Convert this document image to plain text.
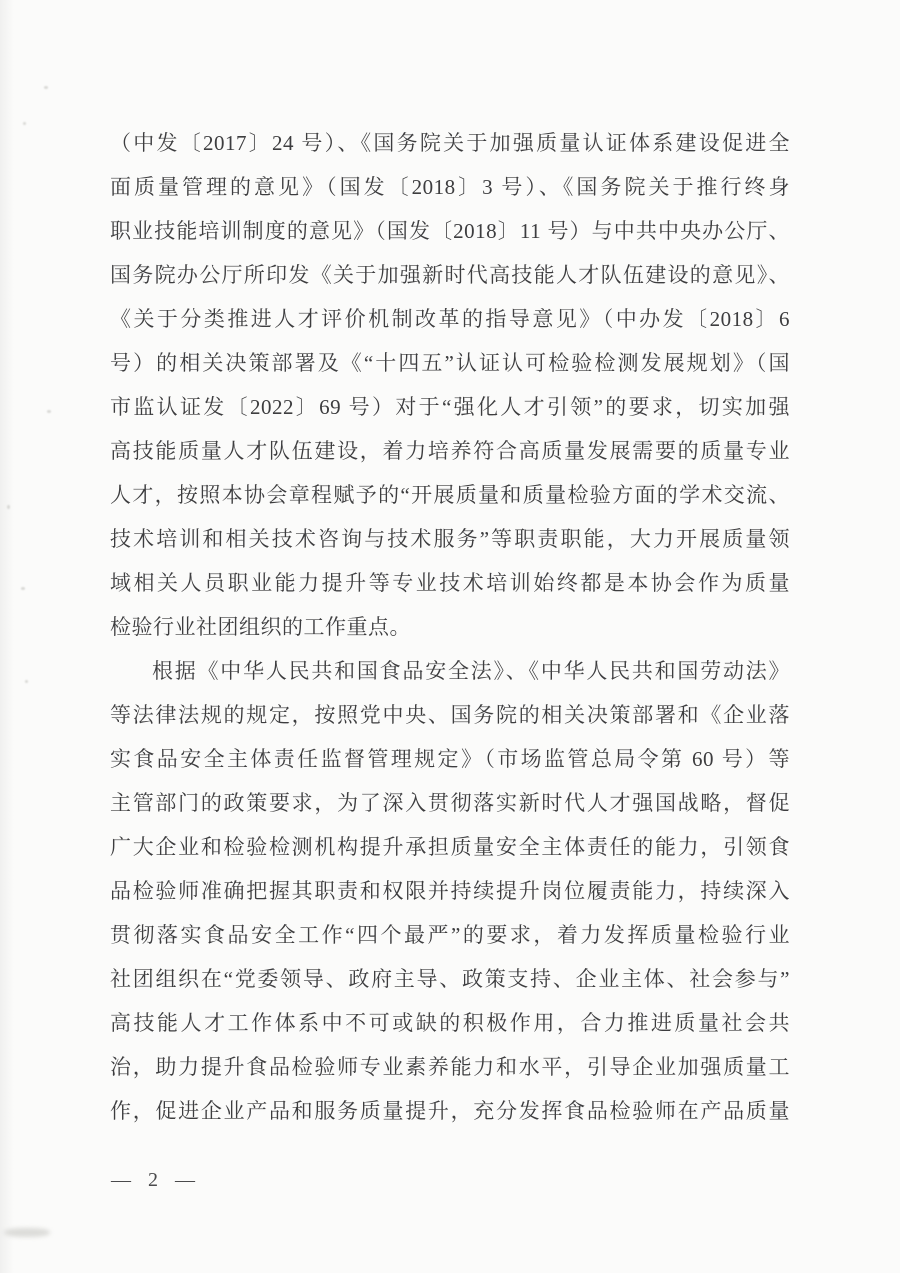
（中发〔2017〕24 号）、《国务院关于加强质量认证体系建设促进全
面质量管理的意见》（国发〔2018〕3 号）、《国务院关于推行终身
职业技能培训制度的意见》（国发〔2018〕11 号）与中共中央办公厅、
国务院办公厅所印发《关于加强新时代高技能人才队伍建设的意见》、
《关于分类推进人才评价机制改革的指导意见》（中办发〔2018〕6
号）的相关决策部署及《“十四五”认证认可检验检测发展规划》（国
市监认证发〔2022〕69 号）对于“强化人才引领”的要求，切实加强
高技能质量人才队伍建设，着力培养符合高质量发展需要的质量专业
人才，按照本协会章程赋予的“开展质量和质量检验方面的学术交流、
技术培训和相关技术咨询与技术服务”等职责职能，大力开展质量领
域相关人员职业能力提升等专业技术培训始终都是本协会作为质量
检验行业社团组织的工作重点。
根据《中华人民共和国食品安全法》、《中华人民共和国劳动法》
等法律法规的规定，按照党中央、国务院的相关决策部署和《企业落
实食品安全主体责任监督管理规定》（市场监管总局令第 60 号）等
主管部门的政策要求，为了深入贯彻落实新时代人才强国战略，督促
广大企业和检验检测机构提升承担质量安全主体责任的能力，引领食
品检验师准确把握其职责和权限并持续提升岗位履责能力，持续深入
贯彻落实食品安全工作“四个最严”的要求，着力发挥质量检验行业
社团组织在“党委领导、政府主导、政策支持、企业主体、社会参与”
高技能人才工作体系中不可或缺的积极作用，合力推进质量社会共
治，助力提升食品检验师专业素养能力和水平，引导企业加强质量工
作，促进企业产品和服务质量提升，充分发挥食品检验师在产品质量
— 2 —
